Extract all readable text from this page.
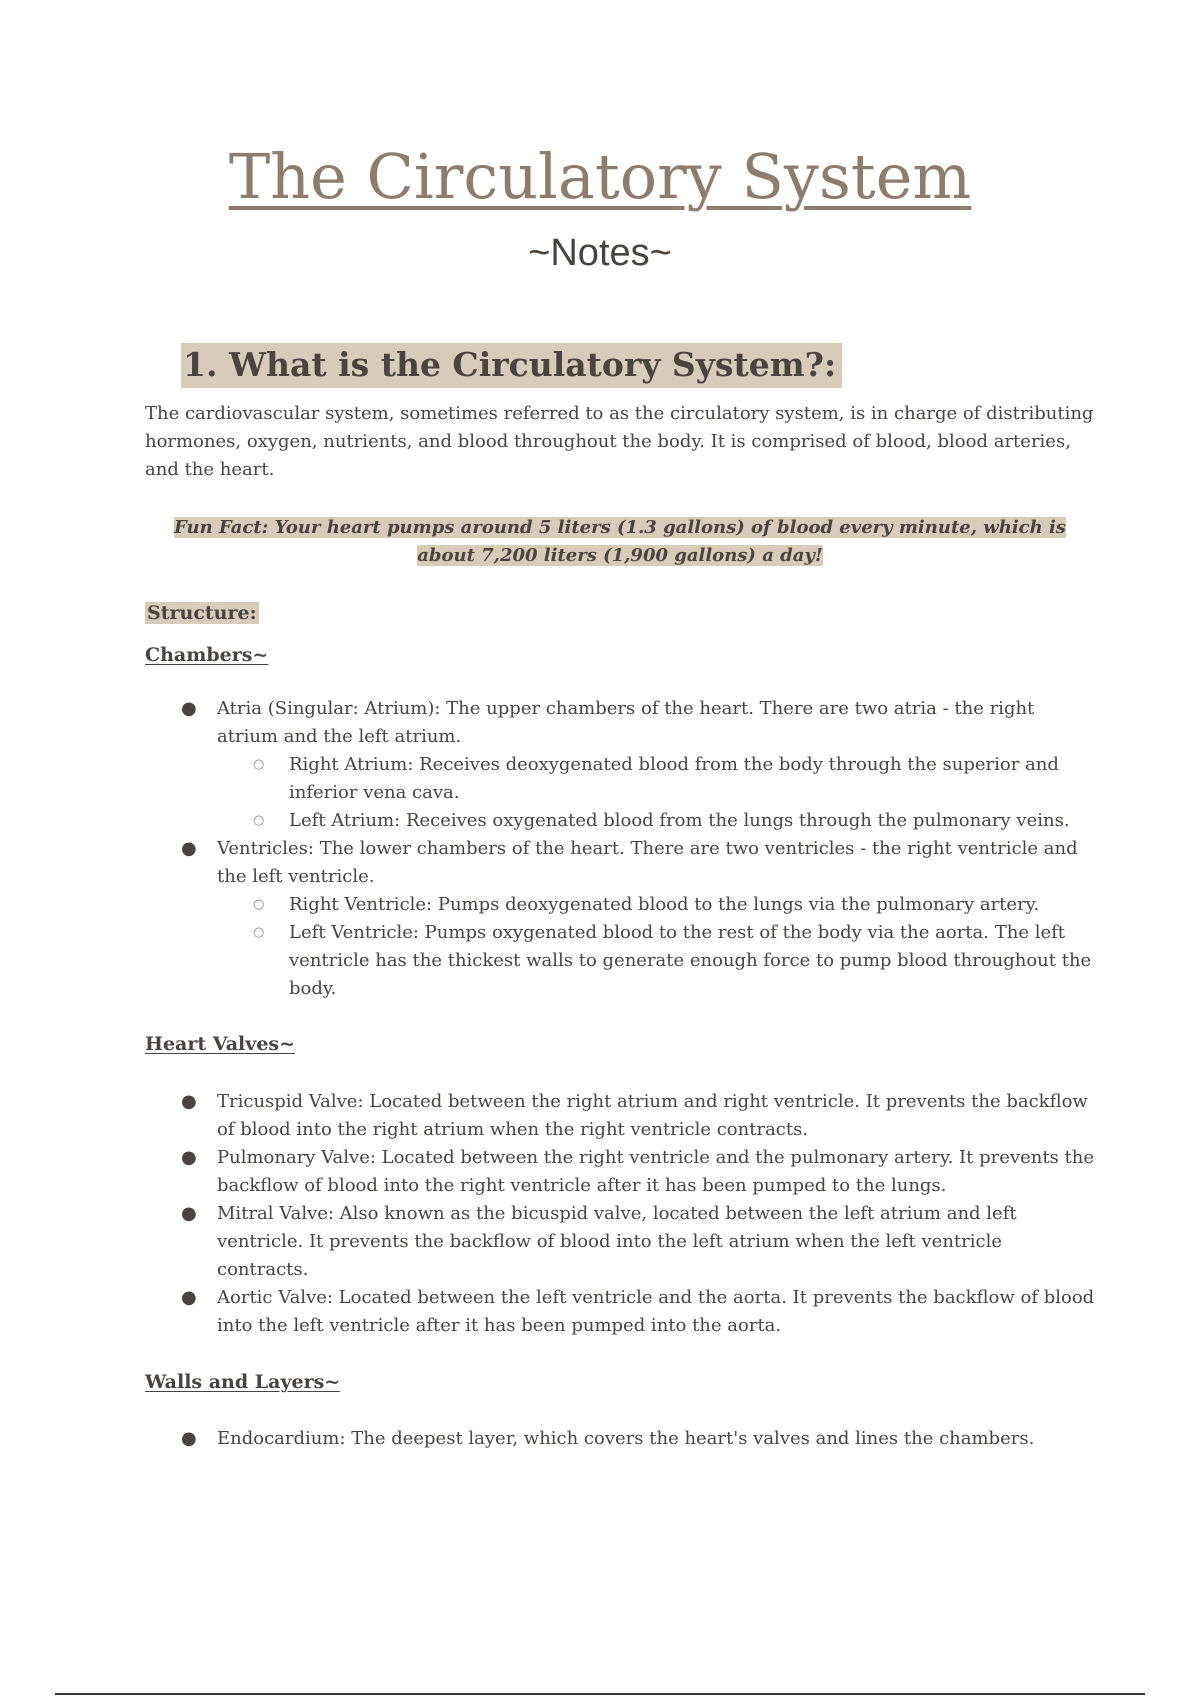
The Circulatory System
~Notes~
1. What is the Circulatory System?:
The cardiovascular system, sometimes referred to as the circulatory system, is in charge of distributing hormones, oxygen, nutrients, and blood throughout the body. It is comprised of blood, blood arteries, and the heart.
Fun Fact: Your heart pumps around 5 liters (1.3 gallons) of blood every minute, which is about 7,200 liters (1,900 gallons) a day!
Structure:
Chambers~
● Atria (Singular: Atrium): The upper chambers of the heart. There are two atria - the right atrium and the left atrium.
○ Right Atrium: Receives deoxygenated blood from the body through the superior and inferior vena cava.
○ Left Atrium: Receives oxygenated blood from the lungs through the pulmonary veins.
● Ventricles: The lower chambers of the heart. There are two ventricles - the right ventricle and the left ventricle.
○ Right Ventricle: Pumps deoxygenated blood to the lungs via the pulmonary artery.
○ Left Ventricle: Pumps oxygenated blood to the rest of the body via the aorta. The left ventricle has the thickest walls to generate enough force to pump blood throughout the body.
Heart Valves~
● Tricuspid Valve: Located between the right atrium and right ventricle. It prevents the backflow of blood into the right atrium when the right ventricle contracts.
● Pulmonary Valve: Located between the right ventricle and the pulmonary artery. It prevents the backflow of blood into the right ventricle after it has been pumped to the lungs.
● Mitral Valve: Also known as the bicuspid valve, located between the left atrium and left ventricle. It prevents the backflow of blood into the left atrium when the left ventricle contracts.
● Aortic Valve: Located between the left ventricle and the aorta. It prevents the backflow of blood into the left ventricle after it has been pumped into the aorta.
Walls and Layers~
● Endocardium: The deepest layer, which covers the heart's valves and lines the chambers.
